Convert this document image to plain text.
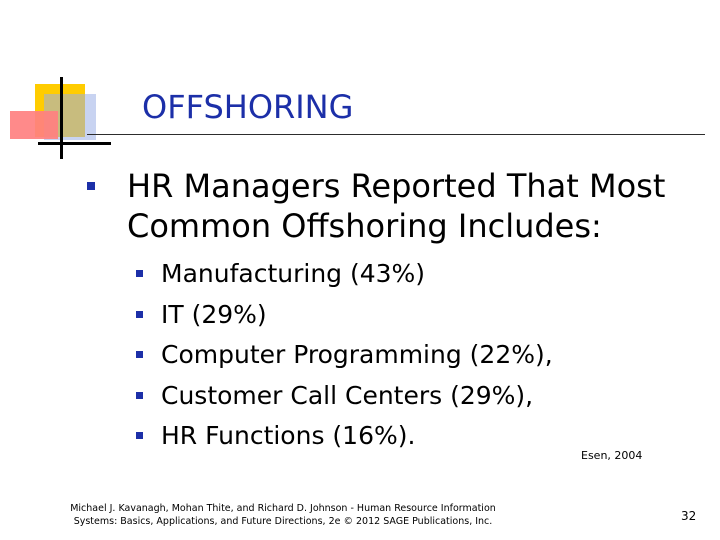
OFFSHORING
HR Managers Reported That Most Common Offshoring Includes:
Manufacturing (43%)
IT (29%)
Computer Programming (22%),
Customer Call Centers (29%),
HR Functions (16%).
Esen, 2004
Michael J. Kavanagh, Mohan Thite, and Richard D. Johnson - Human Resource Information
Systems: Basics, Applications, and Future Directions, 2e © 2012 SAGE Publications, Inc.	32
